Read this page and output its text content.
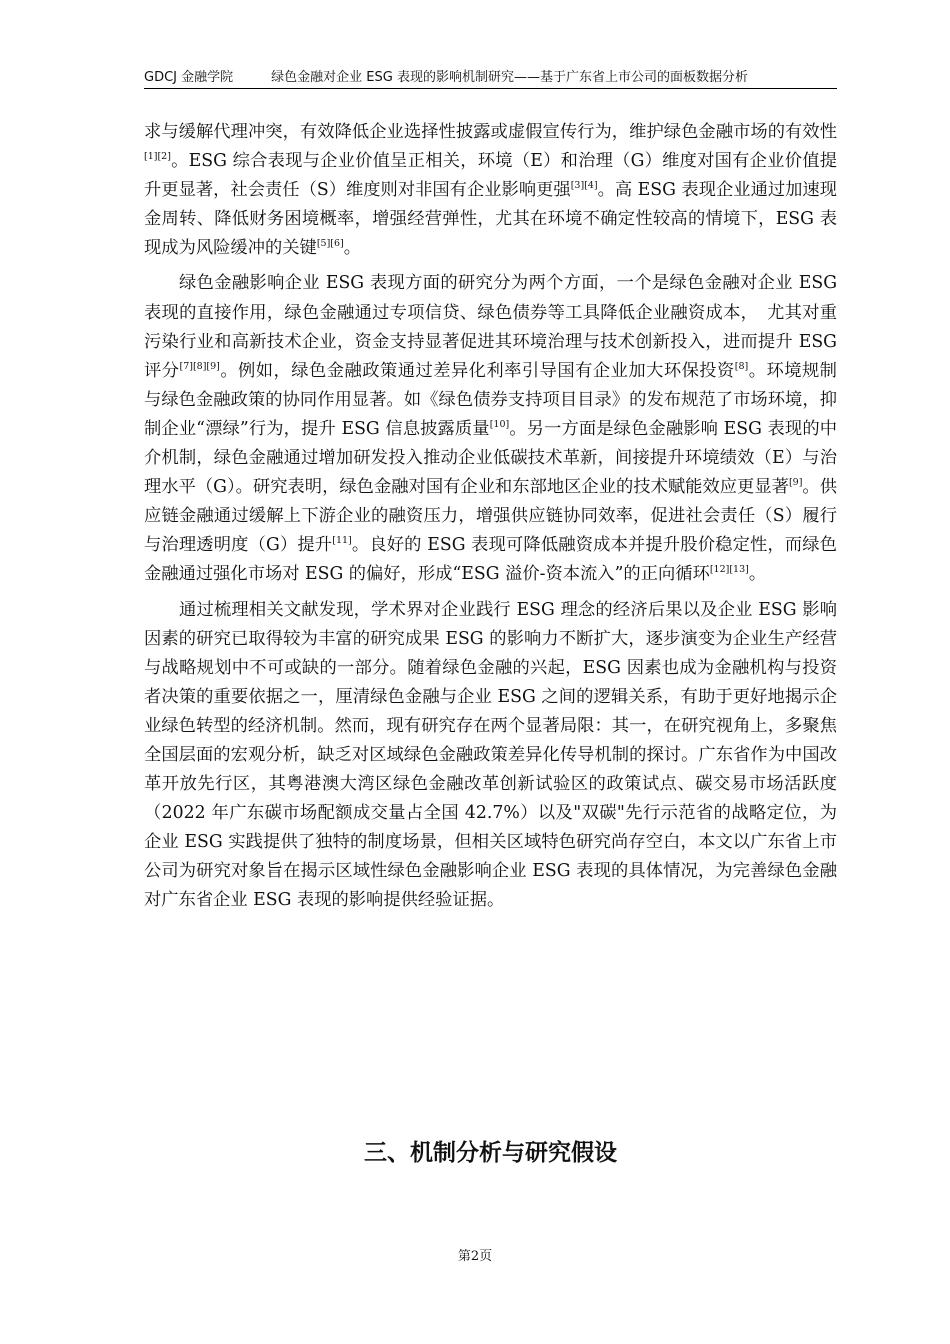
GDCJ 金融学院	绿色金融对企业 ESG 表现的影响机制研究——基于广东省上市公司的面板数据分析

求与缓解代理冲突，有效降低企业选择性披露或虚假宣传行为，维护绿色金融市场的有效性[1][2]。ESG 综合表现与企业价值呈正相关，环境（E）和治理（G）维度对国有企业价值提升更显著，社会责任（S）维度则对非国有企业影响更强[3][4]。高 ESG 表现企业通过加速现金周转、降低财务困境概率，增强经营弹性，尤其在环境不确定性较高的情境下，ESG 表现成为风险缓冲的关键[5][6]。

绿色金融影响企业 ESG 表现方面的研究分为两个方面，一个是绿色金融对企业 ESG 表现的直接作用，绿色金融通过专项信贷、绿色债券等工具降低企业融资成本，　尤其对重污染行业和高新技术企业，资金支持显著促进其环境治理与技术创新投入，进而提升 ESG 评分[7][8][9]。例如，绿色金融政策通过差异化利率引导国有企业加大环保投资[8]。环境规制与绿色金融政策的协同作用显著。如《绿色债券支持项目目录》的发布规范了市场环境，抑制企业“漂绿”行为，提升 ESG 信息披露质量[10]。另一方面是绿色金融影响 ESG 表现的中介机制，绿色金融通过增加研发投入推动企业低碳技术革新，间接提升环境绩效（E）与治理水平（G）。研究表明，绿色金融对国有企业和东部地区企业的技术赋能效应更显著[9]。供应链金融通过缓解上下游企业的融资压力，增强供应链协同效率，促进社会责任（S）履行与治理透明度（G）提升[11]。良好的 ESG 表现可降低融资成本并提升股价稳定性，而绿色金融通过强化市场对 ESG 的偏好，形成“ESG 溢价-资本流入”的正向循环[12][13]。

通过梳理相关文献发现，学术界对企业践行 ESG 理念的经济后果以及企业 ESG 影响因素的研究已取得较为丰富的研究成果 ESG 的影响力不断扩大，逐步演变为企业生产经营与战略规划中不可或缺的一部分。随着绿色金融的兴起，ESG 因素也成为金融机构与投资者决策的重要依据之一，厘清绿色金融与企业 ESG 之间的逻辑关系，有助于更好地揭示企业绿色转型的经济机制。然而，现有研究存在两个显著局限：其一，在研究视角上，多聚焦全国层面的宏观分析，缺乏对区域绿色金融政策差异化传导机制的探讨。广东省作为中国改革开放先行区，其粤港澳大湾区绿色金融改革创新试验区的政策试点、碳交易市场活跃度（2022 年广东碳市场配额成交量占全国 42.7%）以及"双碳"先行示范省的战略定位，为企业 ESG 实践提供了独特的制度场景，但相关区域特色研究尚存空白，本文以广东省上市公司为研究对象旨在揭示区域性绿色金融影响企业 ESG 表现的具体情况，为完善绿色金融对广东省企业 ESG 表现的影响提供经验证据。

三、机制分析与研究假设
第2页
